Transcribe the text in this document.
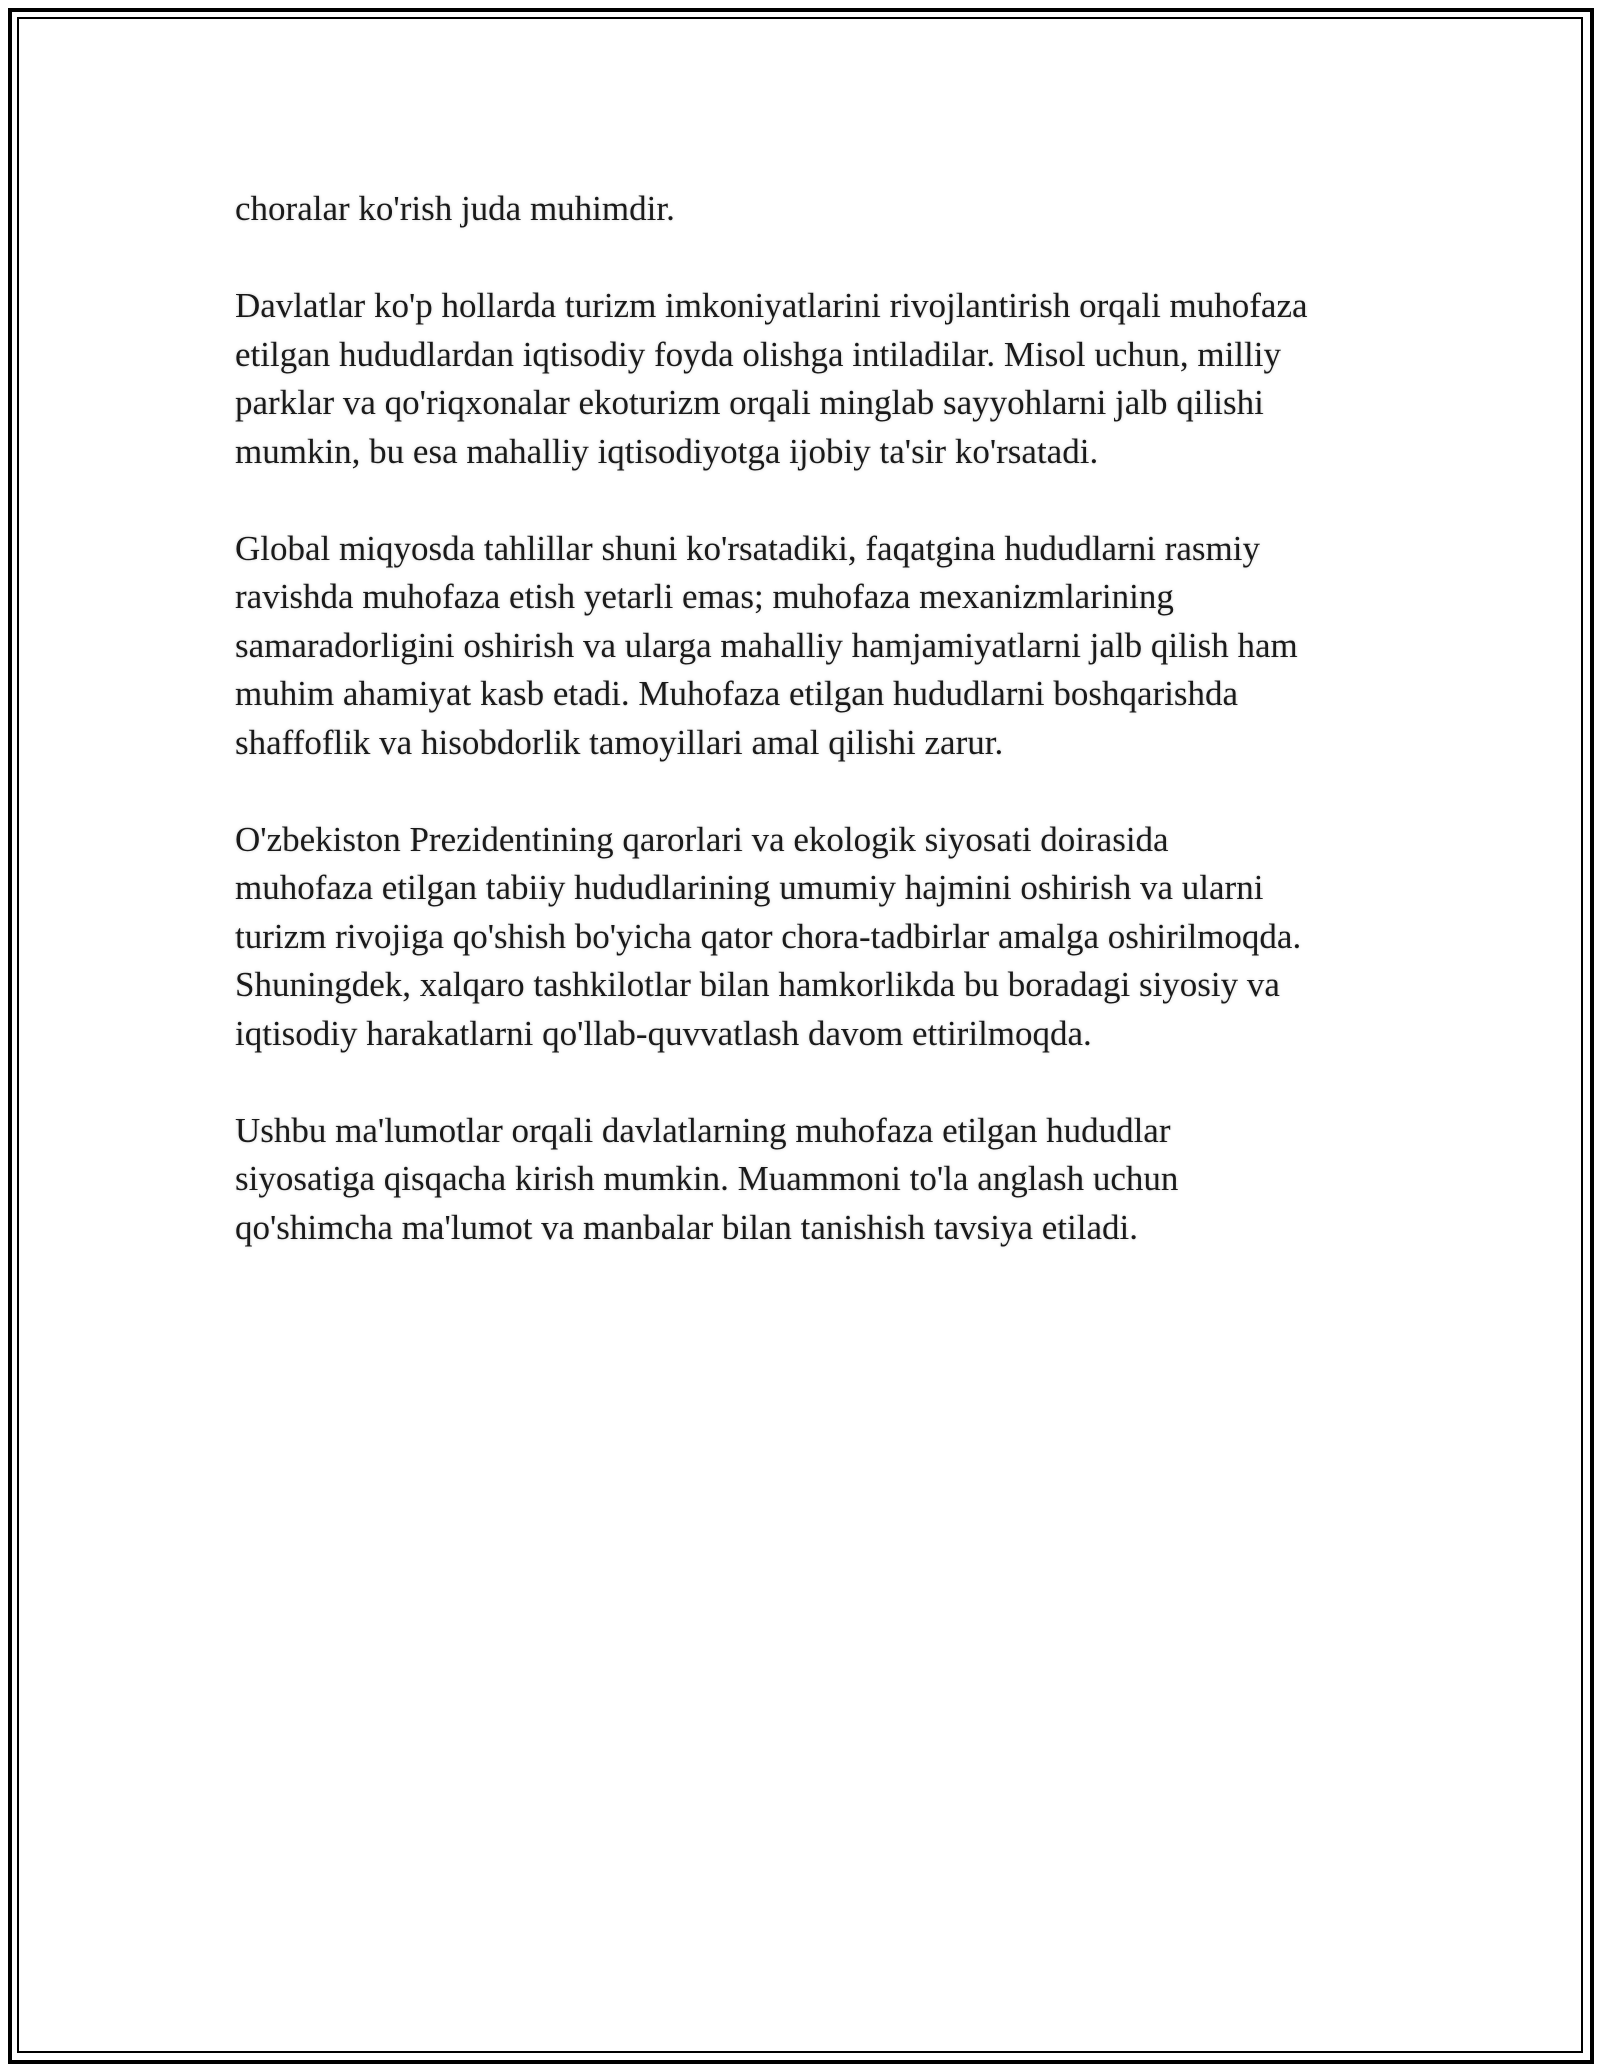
choralar ko'rish juda muhimdir.

Davlatlar ko'p hollarda turizm imkoniyatlarini rivojlantirish orqali muhofaza
etilgan hududlardan iqtisodiy foyda olishga intiladilar. Misol uchun, milliy
parklar va qo'riqxonalar ekoturizm orqali minglab sayyohlarni jalb qilishi
mumkin, bu esa mahalliy iqtisodiyotga ijobiy ta'sir ko'rsatadi.

Global miqyosda tahlillar shuni ko'rsatadiki, faqatgina hududlarni rasmiy
ravishda muhofaza etish yetarli emas; muhofaza mexanizmlarining
samaradorligini oshirish va ularga mahalliy hamjamiyatlarni jalb qilish ham
muhim ahamiyat kasb etadi. Muhofaza etilgan hududlarni boshqarishda
shaffoflik va hisobdorlik tamoyillari amal qilishi zarur.

O'zbekiston Prezidentining qarorlari va ekologik siyosati doirasida
muhofaza etilgan tabiiy hududlarining umumiy hajmini oshirish va ularni
turizm rivojiga qo'shish bo'yicha qator chora-tadbirlar amalga oshirilmoqda.
Shuningdek, xalqaro tashkilotlar bilan hamkorlikda bu boradagi siyosiy va
iqtisodiy harakatlarni qo'llab-quvvatlash davom ettirilmoqda.

Ushbu ma'lumotlar orqali davlatlarning muhofaza etilgan hududlar
siyosatiga qisqacha kirish mumkin. Muammoni to'la anglash uchun
qo'shimcha ma'lumot va manbalar bilan tanishish tavsiya etiladi.
